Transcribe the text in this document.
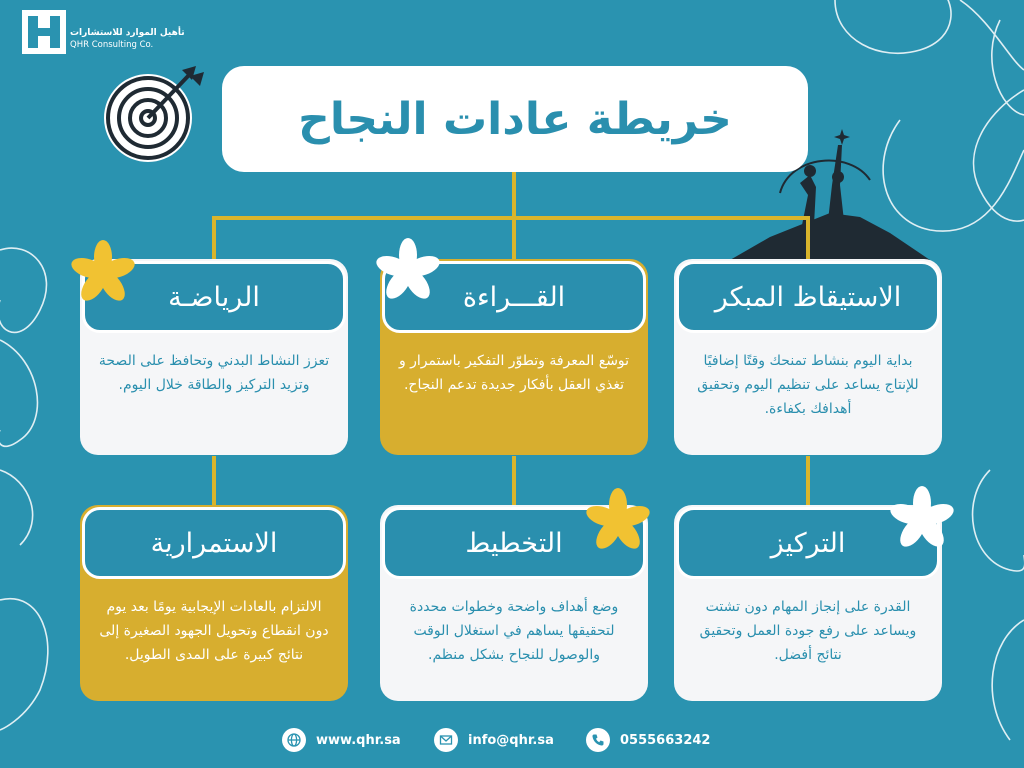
تأهيل الموارد للاستشارات
QHR Consulting Co.
خريطة عادات النجاح
الاستيقاظ المبكر
بداية اليوم بنشاط تمنحك وقتًا إضافيًا للإنتاج يساعد على تنظيم اليوم وتحقيق أهدافك بكفاءة.
القـــراءة
توسّع المعرفة وتطوّر التفكير باستمرار و تغذي العقل بأفكار جديدة تدعم النجاح.
الرياضـة
تعزز النشاط البدني وتحافظ على الصحة وتزيد التركيز والطاقة خلال اليوم.
التركيز
القدرة على إنجاز المهام دون تشتت ويساعد على رفع جودة العمل وتحقيق نتائج أفضل.
التخطيط
وضع أهداف واضحة وخطوات محددة لتحقيقها يساهم في استغلال الوقت والوصول للنجاح بشكل منظم.
الاستمرارية
الالتزام بالعادات الإيجابية يومًا بعد يوم دون انقطاع وتحويل الجهود الصغيرة إلى نتائج كبيرة على المدى الطويل.
www.qhr.sa	info@qhr.sa	0555663242
